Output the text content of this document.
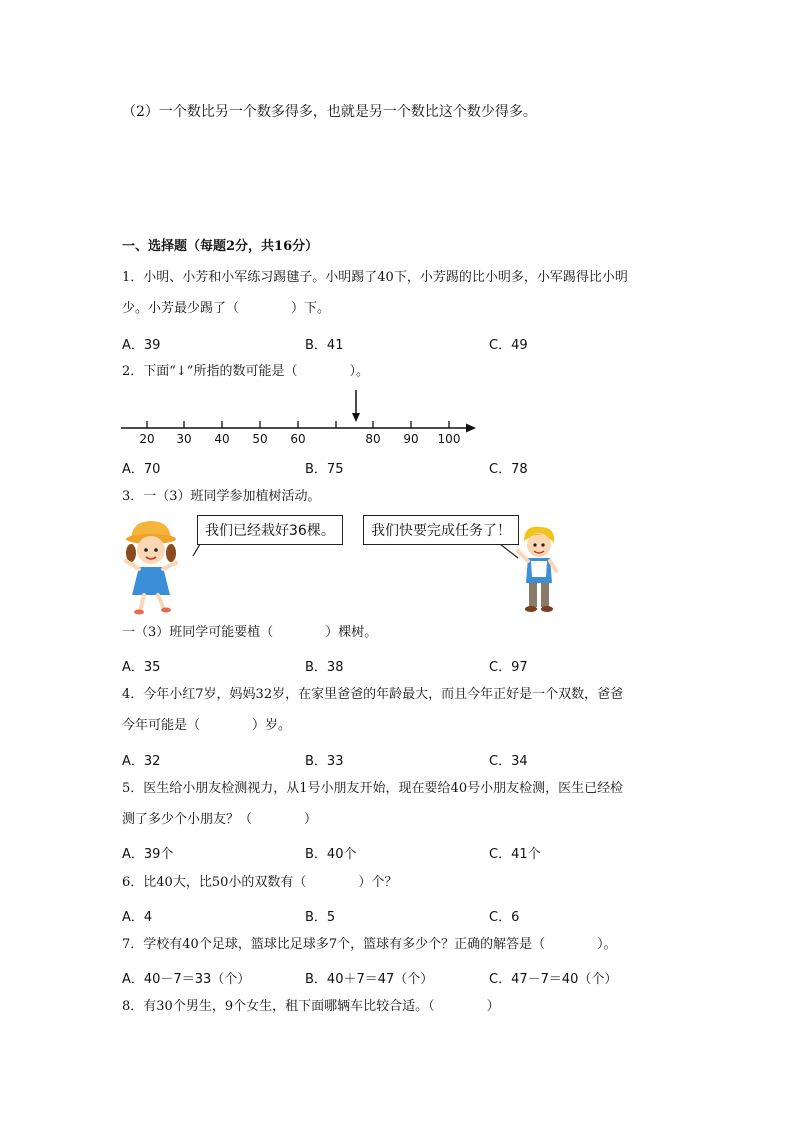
（2）一个数比另一个数多得多，也就是另一个数比这个数少得多。
一、选择题（每题2分，共16分）
1．小明、小芳和小军练习踢毽子。小明踢了40下，小芳踢的比小明多，小军踢得比小明
少。小芳最少踢了（　　　　）下。
A．39	B．41	C．49
2．下面“↓”所指的数可能是（　　　　）。
20 30 40 50 60	80 90 100
A．70	B．75	C．78
3．一（3）班同学参加植树活动。
我们已经栽好36棵。	我们快要完成任务了！
一（3）班同学可能要植（　　　　）棵树。
A．35	B．38	C．97
4．今年小红7岁，妈妈32岁，在家里爸爸的年龄最大，而且今年正好是一个双数，爸爸
今年可能是（　　　　）岁。
A．32	B．33	C．34
5．医生给小朋友检测视力，从1号小朋友开始，现在要给40号小朋友检测，医生已经检
测了多少个小朋友？（　　　　）
A．39个	B．40个	C．41个
6．比40大，比50小的双数有（　　　　）个？
A．4	B．5	C．6
7．学校有40个足球，篮球比足球多7个，篮球有多少个？正确的解答是（　　　　）。
A．40－7＝33（个）	B．40＋7＝47（个）	C．47－7＝40（个）
8．有30个男生，9个女生，租下面哪辆车比较合适。（　　　　）
